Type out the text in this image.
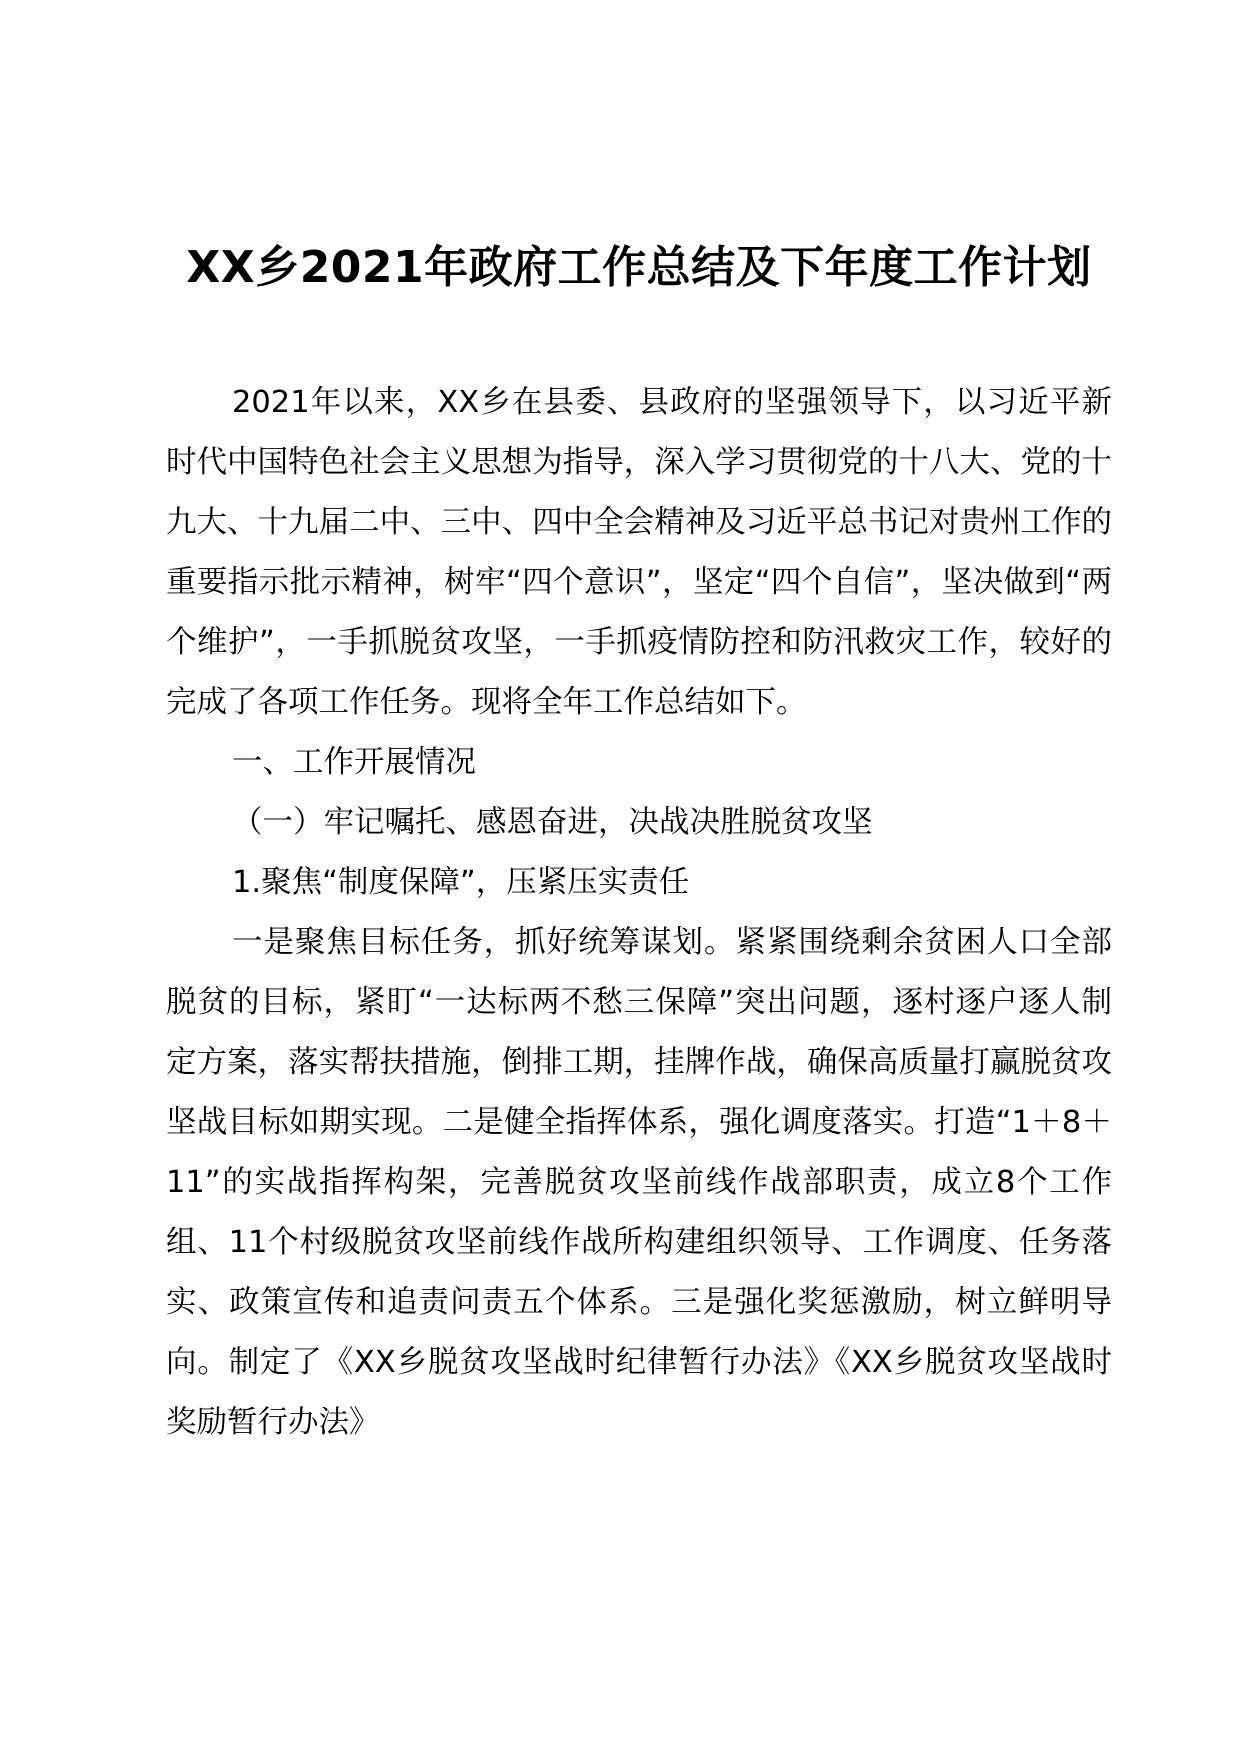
XX乡2021年政府工作总结及下年度工作计划

2021年以来，XX乡在县委、县政府的坚强领导下，以习近平新时代中国特色社会主义思想为指导，深入学习贯彻党的十八大、党的十九大、十九届二中、三中、四中全会精神及习近平总书记对贵州工作的重要指示批示精神，树牢“四个意识”，坚定“四个自信”，坚决做到“两个维护”，一手抓脱贫攻坚，一手抓疫情防控和防汛救灾工作，较好的完成了各项工作任务。现将全年工作总结如下。

一、工作开展情况

（一）牢记嘱托、感恩奋进，决战决胜脱贫攻坚

1.聚焦“制度保障”，压紧压实责任

一是聚焦目标任务，抓好统筹谋划。紧紧围绕剩余贫困人口全部脱贫的目标，紧盯“一达标两不愁三保障”突出问题，逐村逐户逐人制定方案，落实帮扶措施，倒排工期，挂牌作战，确保高质量打赢脱贫攻坚战目标如期实现。二是健全指挥体系，强化调度落实。打造“1＋8＋11”的实战指挥构架，完善脱贫攻坚前线作战部职责，成立8个工作组、11个村级脱贫攻坚前线作战所构建组织领导、工作调度、任务落实、政策宣传和追责问责五个体系。三是强化奖惩激励，树立鲜明导向。制定了《XX乡脱贫攻坚战时纪律暂行办法》《XX乡脱贫攻坚战时奖励暂行办法》
